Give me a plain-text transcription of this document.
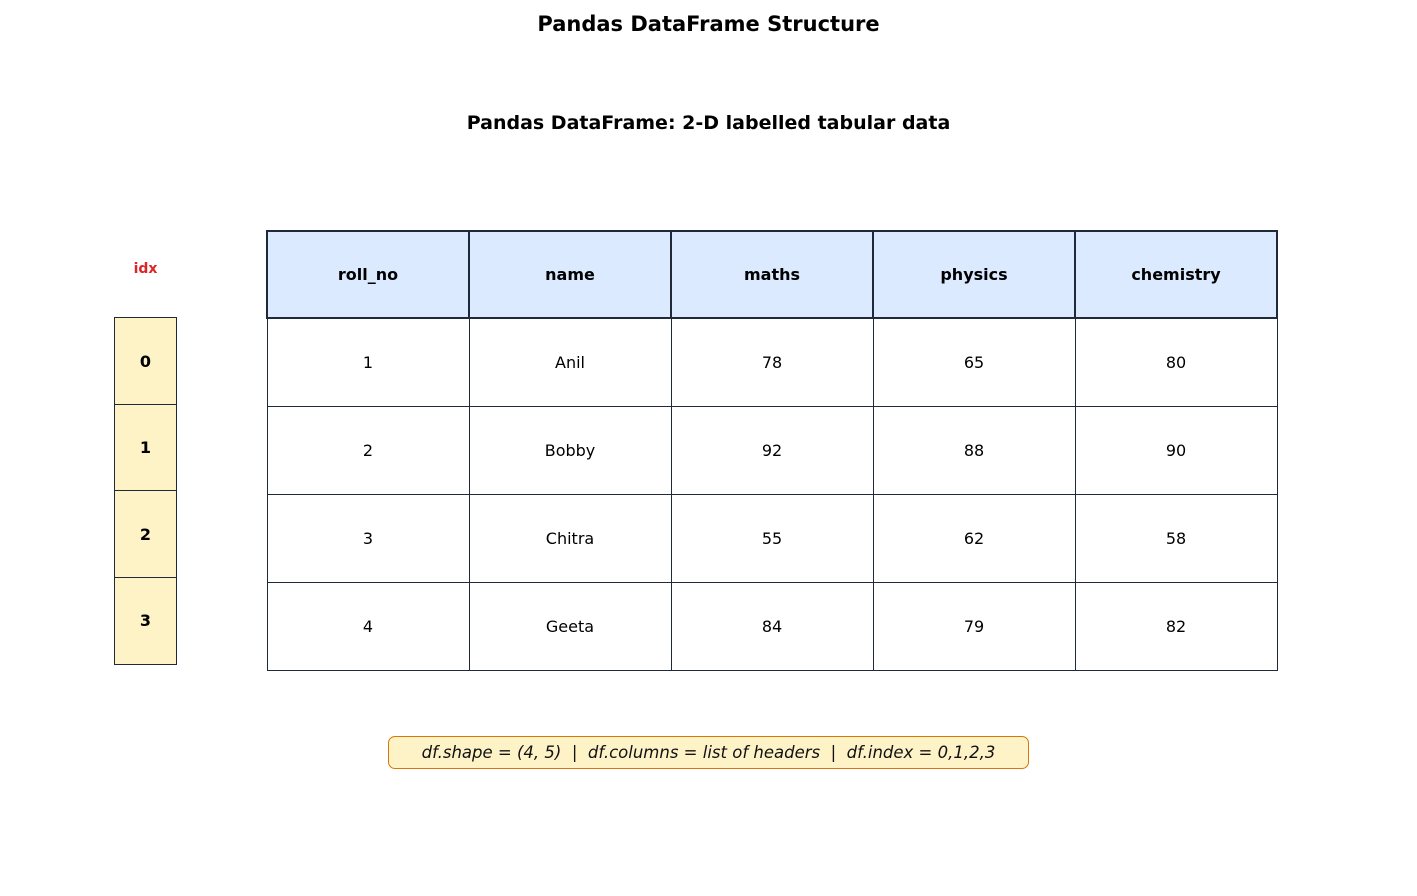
Pandas DataFrame Structure
Pandas DataFrame: 2-D labelled tabular data
idx
0
1
2
3
roll_no	name	maths	physics	chemistry
1	Anil	78	65	80
2	Bobby	92	88	90
3	Chitra	55	62	58
4	Geeta	84	79	82
df.shape = (4, 5)  |  df.columns = list of headers  |  df.index = 0,1,2,3
